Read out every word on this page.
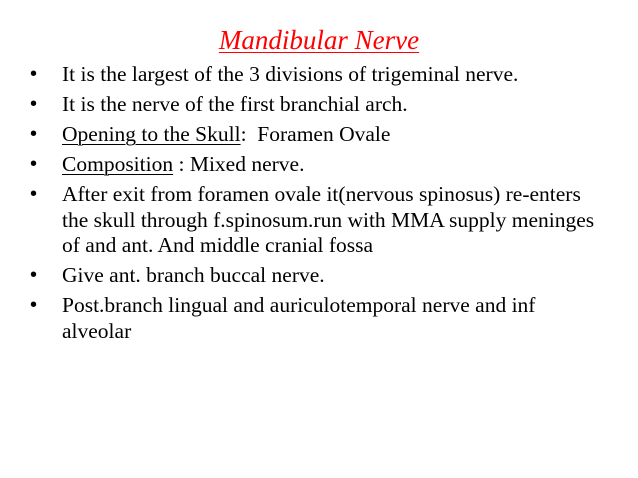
Mandibular Nerve
•	It is the largest of the 3 divisions of trigeminal nerve.
•	It is the nerve of the first branchial arch.
•	Opening to the Skull:  Foramen Ovale
•	Composition : Mixed nerve.
•	After exit from foramen ovale it(nervous spinosus) re-enters the skull through f.spinosum.run with MMA supply meninges of and ant. And middle cranial fossa
•	Give ant. branch buccal nerve.
•	Post.branch lingual and auriculotemporal nerve and inf alveolar
